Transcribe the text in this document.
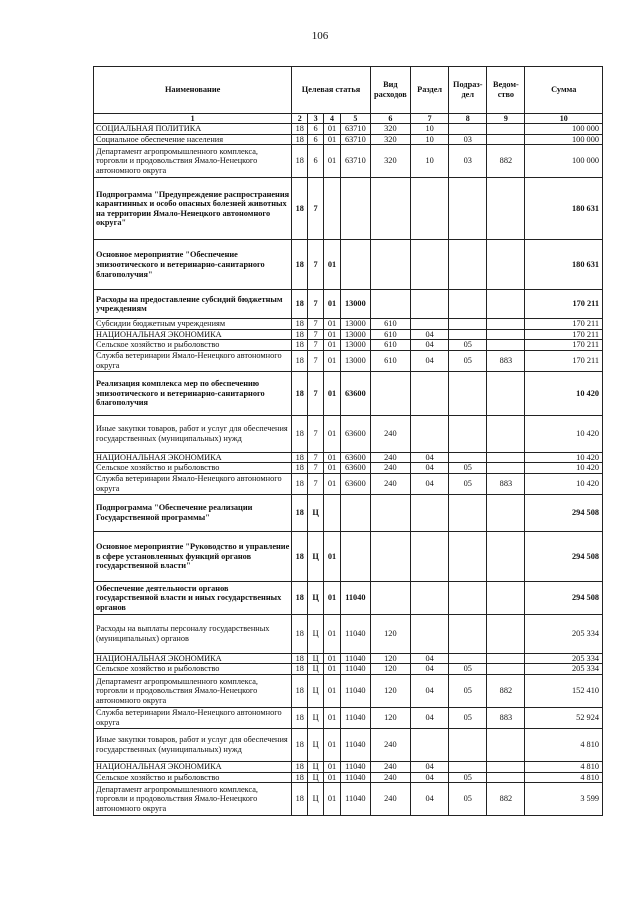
106
Наименование	Целевая статья				Вид расходов	Раздел	Подраз-дел	Ведом-ство	Сумма
1	2	3	4	5	6	7	8	9	10
СОЦИАЛЬНАЯ ПОЛИТИКА	18	6	01	63710	320	10			100 000
Социальное обеспечение населения	18	6	01	63710	320	10	03		100 000
Департамент агропромышленного комплекса, торговли и продовольствия Ямало-Ненецкого автономного округа	18	6	01	63710	320	10	03	882	100 000
Подпрограмма "Предупреждение распространения карантинных и особо опасных болезней животных на территории Ямало-Ненецкого автономного округа"	18	7							180 631
Основное мероприятие "Обеспечение эпизоотического и ветеринарно-санитарного благополучия"	18	7	01						180 631
Расходы на предоставление субсидий бюджетным учреждениям	18	7	01	13000					170 211
Субсидии бюджетным учреждениям	18	7	01	13000	610				170 211
НАЦИОНАЛЬНАЯ ЭКОНОМИКА	18	7	01	13000	610	04			170 211
Сельское хозяйство и рыболовство	18	7	01	13000	610	04	05		170 211
Служба ветеринарии Ямало-Ненецкого автономного округа	18	7	01	13000	610	04	05	883	170 211
Реализация комплекса мер по обеспечению эпизоотического и ветеринарно-санитарного благополучия	18	7	01	63600					10 420
Иные закупки товаров, работ и услуг для обеспечения государственных (муниципальных) нужд	18	7	01	63600	240				10 420
НАЦИОНАЛЬНАЯ ЭКОНОМИКА	18	7	01	63600	240	04			10 420
Сельское хозяйство и рыболовство	18	7	01	63600	240	04	05		10 420
Служба ветеринарии Ямало-Ненецкого автономного округа	18	7	01	63600	240	04	05	883	10 420
Подпрограмма "Обеспечение реализации Государственной программы"	18	Ц							294 508
Основное мероприятие "Руководство и управление в сфере установленных функций органов государственной власти"	18	Ц	01						294 508
Обеспечение деятельности органов государственной власти и иных государственных органов	18	Ц	01	11040					294 508
Расходы на выплаты персоналу государственных (муниципальных) органов	18	Ц	01	11040	120				205 334
НАЦИОНАЛЬНАЯ ЭКОНОМИКА	18	Ц	01	11040	120	04			205 334
Сельское хозяйство и рыболовство	18	Ц	01	11040	120	04	05		205 334
Департамент агропромышленного комплекса, торговли и продовольствия Ямало-Ненецкого автономного округа	18	Ц	01	11040	120	04	05	882	152 410
Служба ветеринарии Ямало-Ненецкого автономного округа	18	Ц	01	11040	120	04	05	883	52 924
Иные закупки товаров, работ и услуг для обеспечения государственных (муниципальных) нужд	18	Ц	01	11040	240				4 810
НАЦИОНАЛЬНАЯ ЭКОНОМИКА	18	Ц	01	11040	240	04			4 810
Сельское хозяйство и рыболовство	18	Ц	01	11040	240	04	05		4 810
Департамент агропромышленного комплекса, торговли и продовольствия Ямало-Ненецкого автономного округа	18	Ц	01	11040	240	04	05	882	3 599
